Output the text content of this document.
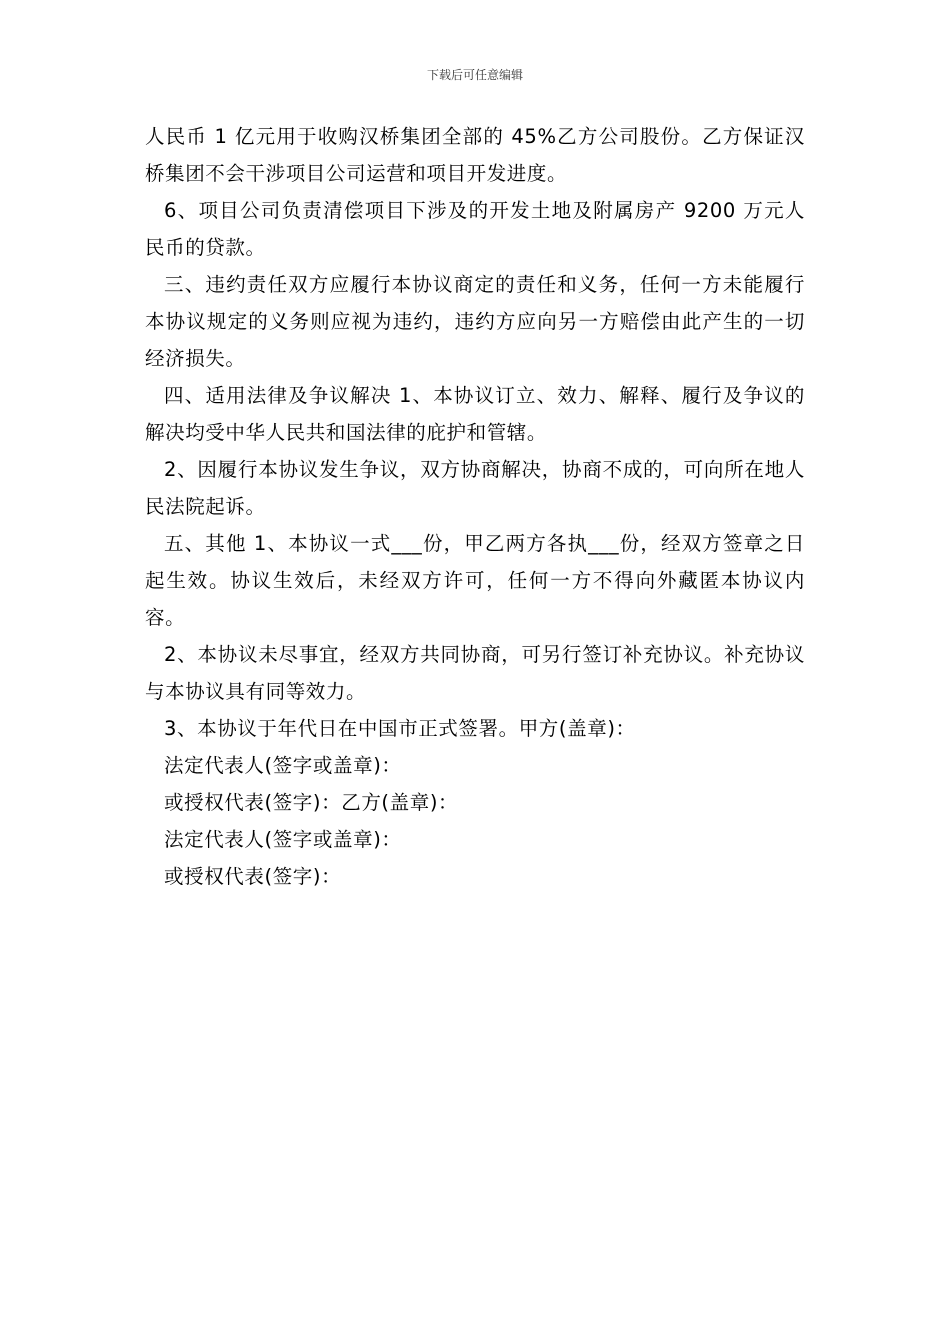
下载后可任意编辑

人民币 1 亿元用于收购汉桥集团全部的 45%乙方公司股份。乙方保证汉桥集团不会干涉项目公司运营和项目开发进度。

6、项目公司负责清偿项目下涉及的开发土地及附属房产 9200 万元人民币的贷款。

三、违约责任双方应履行本协议商定的责任和义务，任何一方未能履行本协议规定的义务则应视为违约，违约方应向另一方赔偿由此产生的一切经济损失。

四、适用法律及争议解决 1、本协议订立、效力、解释、履行及争议的解决均受中华人民共和国法律的庇护和管辖。

2、因履行本协议发生争议，双方协商解决，协商不成的，可向所在地人民法院起诉。

五、其他 1、本协议一式___份，甲乙两方各执___份，经双方签章之日起生效。协议生效后，未经双方许可，任何一方不得向外藏匿本协议内容。

2、本协议未尽事宜，经双方共同协商，可另行签订补充协议。补充协议与本协议具有同等效力。

3、本协议于年代日在中国市正式签署。甲方(盖章)：

法定代表人(签字或盖章)：

或授权代表(签字)：乙方(盖章)：

法定代表人(签字或盖章)：

或授权代表(签字)：
